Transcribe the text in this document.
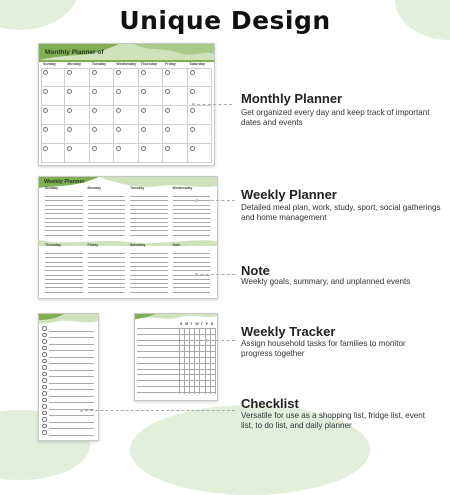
Unique Design
Monthly Planner of
Sunday	Monday	Tuesday	Wednesday	Thursday	Friday	Saturday
Weekly Planner
Sunday	Monday	Tuesday	Wednesday
Thursday	Friday	Saturday	Note
S M T W T F S
Monthly Planner
Get organized every day and keep track of important dates and events
Weekly Planner
Detailed meal plan, work, study, sport, social gatherings and home management
Note
Weekly goals, summary, and unplanned events
Weekly Tracker
Assign household tasks for families to monitor progress together
Checklist
Versatile for use as a shopping list, fridge list, event list, to do list, and daily planner
